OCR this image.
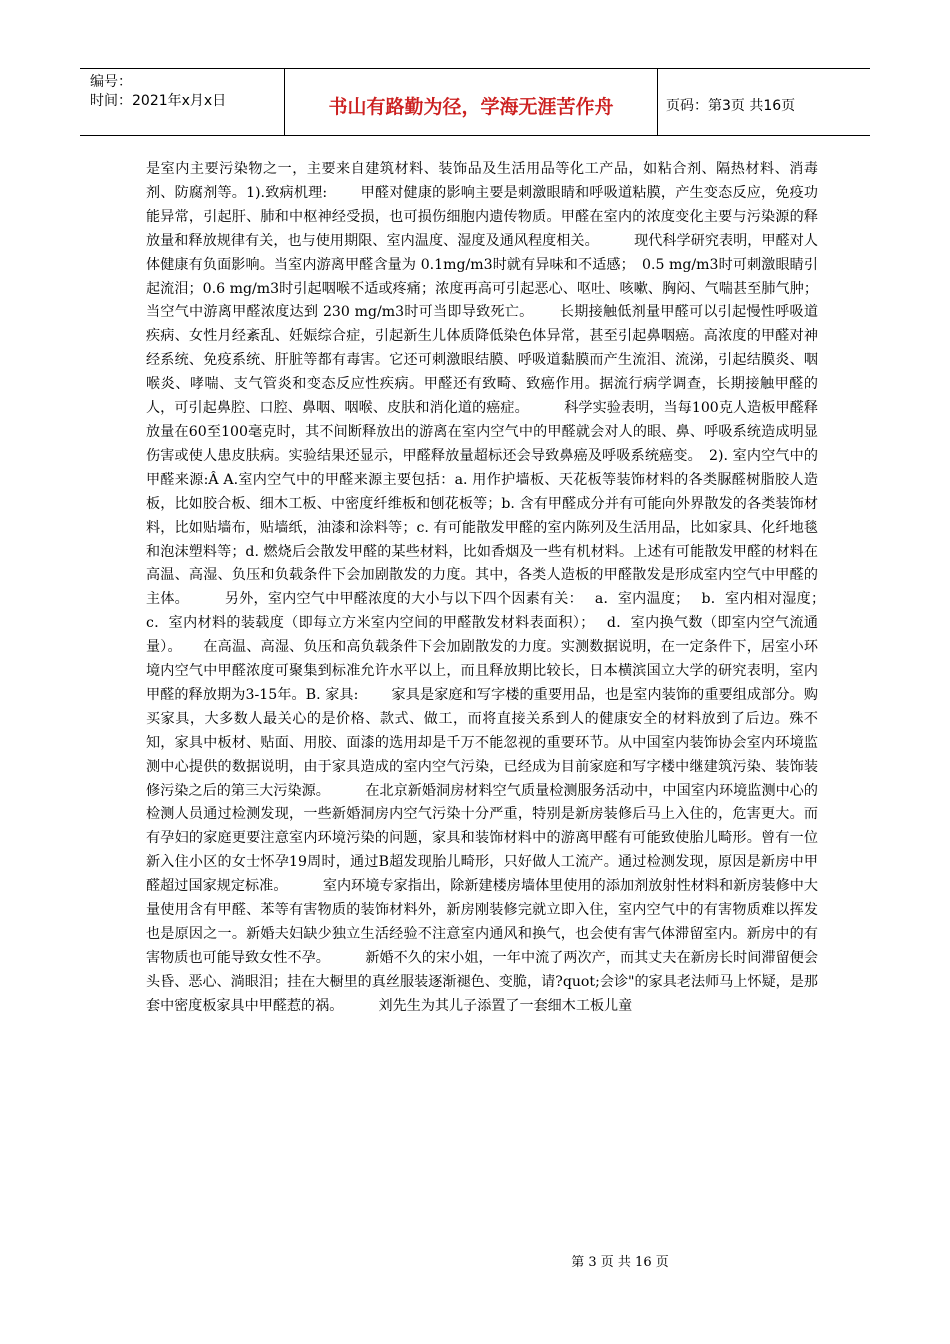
编号：
时间：2021年x月x日	书山有路勤为径，学海无涯苦作舟	页码：第3页 共16页
是室内主要污染物之一，主要来自建筑材料、装饰品及生活用品等化工产品，如粘合剂、隔热材料、消毒剂、防腐剂等。1).致病机理:　　 甲醛对健康的影响主要是刺激眼睛和呼吸道粘膜，产生变态反应，免疫功能异常，引起肝、肺和中枢神经受损，也可损伤细胞内遗传物质。甲醛在室内的浓度变化主要与污染源的释放量和释放规律有关，也与使用期限、室内温度、湿度及通风程度相关。　　　现代科学研究表明，甲醛对人体健康有负面影响。当室内游离甲醛含量为 0.1mg/m3时就有异味和不适感；　0.5 mg/m3时可刺激眼睛引起流泪；0.6 mg/m3时引起咽喉不适或疼痛；浓度再高可引起恶心、呕吐、咳嗽、胸闷、气喘甚至肺气肿；当空气中游离甲醛浓度达到 230 mg/m3时可当即导致死亡。　　 长期接触低剂量甲醛可以引起慢性呼吸道疾病、女性月经紊乱、妊娠综合症，引起新生儿体质降低染色体异常，甚至引起鼻咽癌。高浓度的甲醛对神经系统、免疫系统、肝脏等都有毒害。它还可刺激眼结膜、呼吸道黏膜而产生流泪、流涕，引起结膜炎、咽喉炎、哮喘、支气管炎和变态反应性疾病。甲醛还有致畸、致癌作用。据流行病学调查，长期接触甲醛的人，可引起鼻腔、口腔、鼻咽、咽喉、皮肤和消化道的癌症。　　　科学实验表明，当每100克人造板甲醛释放量在60至100毫克时，其不间断释放出的游离在室内空气中的甲醛就会对人的眼、鼻、呼吸系统造成明显伤害或使人患皮肤病。实验结果还显示，甲醛释放量超标还会导致鼻癌及呼吸系统癌变。　2). 室内空气中的甲醛来源:Â A.室内空气中的甲醛来源主要包括：a. 用作护墙板、天花板等装饰材料的各类脲醛树脂胶人造板，比如胶合板、细木工板、中密度纤维板和刨花板等；b. 含有甲醛成分并有可能向外界散发的各类装饰材料，比如贴墙布，贴墙纸，油漆和涂料等；c. 有可能散发甲醛的室内陈列及生活用品，比如家具、化纤地毯和泡沫塑料等；d. 燃烧后会散发甲醛的某些材料，比如香烟及一些有机材料。上述有可能散发甲醛的材料在高温、高湿、负压和负载条件下会加剧散发的力度。其中，各类人造板的甲醛散发是形成室内空气中甲醛的主体。　　　另外，室内空气中甲醛浓度的大小与以下四个因素有关：　 a．室内温度；　 b．室内相对湿度；　 c．室内材料的装载度（即每立方米室内空间的甲醛散发材料表面积）；　 d．室内换气数（即室内空气流通量）。　　在高温、高湿、负压和高负载条件下会加剧散发的力度。实测数据说明，在一定条件下，居室小环境内空气中甲醛浓度可聚集到标准允许水平以上，而且释放期比较长，日本横滨国立大学的研究表明，室内甲醛的释放期为3-15年。B. 家具:　　 家具是家庭和写字楼的重要用品，也是室内装饰的重要组成部分。购买家具，大多数人最关心的是价格、款式、做工，而将直接关系到人的健康安全的材料放到了后边。殊不知，家具中板材、贴面、用胶、面漆的选用却是千万不能忽视的重要环节。从中国室内装饰协会室内环境监测中心提供的数据说明，由于家具造成的室内空气污染，已经成为目前家庭和写字楼中继建筑污染、装饰装修污染之后的第三大污染源。　　　在北京新婚洞房材料空气质量检测服务活动中，中国室内环境监测中心的检测人员通过检测发现，一些新婚洞房内空气污染十分严重，特别是新房装修后马上入住的，危害更大。而有孕妇的家庭更要注意室内环境污染的问题，家具和装饰材料中的游离甲醛有可能致使胎儿畸形。曾有一位新入住小区的女士怀孕19周时，通过B超发现胎儿畸形，只好做人工流产。通过检测发现，原因是新房中甲醛超过国家规定标准。　　　室内环境专家指出，除新建楼房墙体里使用的添加剂放射性材料和新房装修中大量使用含有甲醛、苯等有害物质的装饰材料外，新房刚装修完就立即入住，室内空气中的有害物质难以挥发也是原因之一。新婚夫妇缺少独立生活经验不注意室内通风和换气，也会使有害气体滞留室内。新房中的有害物质也可能导致女性不孕。　　　新婚不久的宋小姐，一年中流了两次产，而其丈夫在新房长时间滞留便会头昏、恶心、淌眼泪；挂在大橱里的真丝服装逐渐褪色、变脆，请?quot;会诊"的家具老法师马上怀疑，是那套中密度板家具中甲醛惹的祸。　　　刘先生为其儿子添置了一套细木工板儿童
第 3 页 共 16 页
